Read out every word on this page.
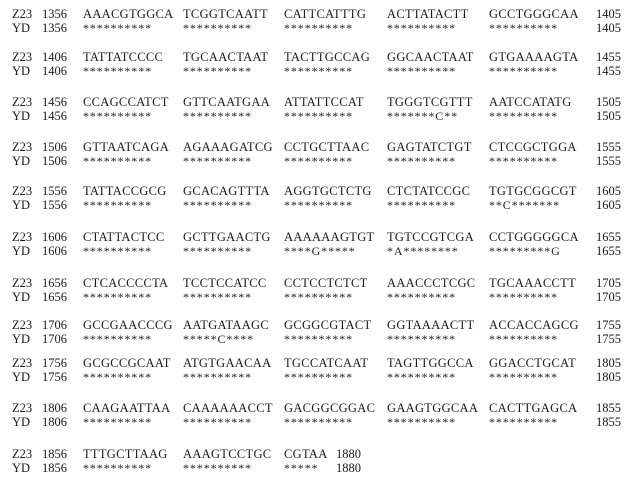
Z23 1356 AAACGTGGCA TCGGTCAATT CATTCATTTG ACTTATACTT GCCTGGGCAA 1405
YD 1356 **********	**********	**********	**********	**********	1405
Z23 1406 TATTATCCCC TGCAACTAAT TACTTGCCAG GGCAACTAAT GTGAAAAGTA 1455
YD 1406 **********	**********	**********	**********	**********	1455
Z23 1456 CCAGCCATCT GTTCAATGAA ATTATTCCAT TGGGTCGTTT AATCCATATG 1505
YD 1456 **********	**********	**********	*******C**	**********	1505
Z23 1506 GTTAATCAGA AGAAAGATCG CCTGCTTAAC GAGTATCTGT CTCCGCTGGA 1555
YD 1506 **********	**********	**********	**********	**********	1555
Z23 1556 TATTACCGCG GCACAGTTTA AGGTGCTCTG CTCTATCCGC TGTGCGGCGT 1605
YD 1556 **********	**********	**********	**********	**C*******	1605
Z23 1606 CTATTACTCC GCTTGAACTG AAAAAAGTGT TGTCCGTCGA CCTGGGGGCA 1655
YD 1606 **********	**********	****G*****	*A********	*********G	1655
Z23 1656 CTCACCCCTA TCCTCCATCC CCTCCTCTCT AAACCCTCGC TGCAAACCTT 1705
YD 1656 **********	**********	**********	**********	**********	1705
Z23 1706 GCCGAACCCG AATGATAAGC GCGGCGTACT GGTAAAACTT ACCACCAGCG 1755
YD 1706 **********	*****C**** **********	**********	**********	1755
Z23 1756 GCGCCGCAAT ATGTGAACAA TGCCATCAAT TAGTTGGCCA GGACCTGCAT 1805
YD 1756 **********	**********	**********	**********	**********	1805
Z23 1806 CAAGAATTAA CAAAAAACCT GACGGCGGAC GAAGTGGCAA CACTTGAGCA 1855
YD 1806 **********	**********	**********	**********	**********	1855
Z23 1856 TTTGCTTAAG AAAGTCCTGC CGTAA 1880
YD 1856 **********	**********	***** 1880
